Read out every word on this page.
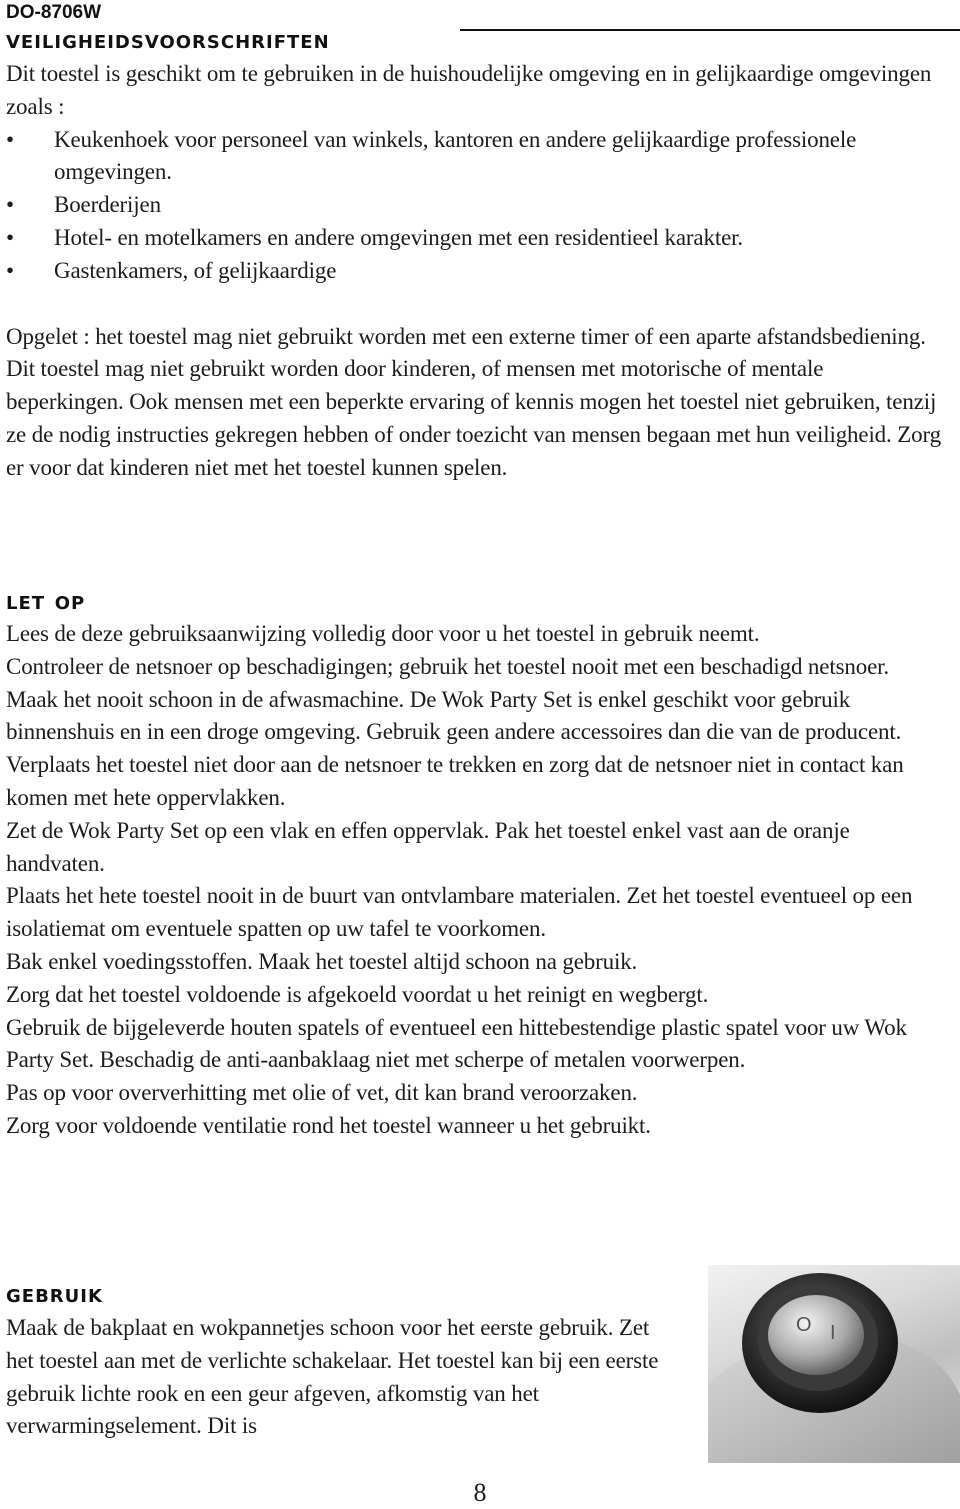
DO-8706W
veiligheidsvoorschriften

Dit toestel is geschikt om te gebruiken in de huishoudelijke omgeving en in gelijkaardige omgevingen zoals :

• Keukenhoek voor personeel van winkels, kantoren en andere gelijkaardige professionele omgevingen.
• Boerderijen
• Hotel- en motelkamers en andere omgevingen met een residentieel karakter.
• Gastenkamers, of gelijkaardige

Opgelet : het toestel mag niet gebruikt worden met een externe timer of een aparte afstandsbediening.

Dit toestel mag niet gebruikt worden door kinderen, of mensen met motorische of mentale beperkingen. Ook mensen met een beperkte ervaring of kennis mogen het toestel niet gebruiken, tenzij ze de nodig instructies gekregen hebben of onder toezicht van mensen begaan met hun veiligheid. Zorg er voor dat kinderen niet met het toestel kunnen spelen.

let op

Lees de deze gebruiksaanwijzing volledig door voor u het toestel in gebruik neemt.

Controleer de netsnoer op beschadigingen; gebruik het toestel nooit met een beschadigd netsnoer.

Maak het nooit schoon in de afwasmachine. De Wok Party Set is enkel geschikt voor gebruik binnenshuis en in een droge omgeving. Gebruik geen andere accessoires dan die van de producent.

Verplaats het toestel niet door aan de netsnoer te trekken en zorg dat de netsnoer niet in contact kan komen met hete oppervlakken.

Zet de Wok Party Set op een vlak en effen oppervlak. Pak het toestel enkel vast aan de oranje handvaten.

Plaats het hete toestel nooit in de buurt van ontvlambare materialen. Zet het toestel eventueel op een isolatiemat om eventuele spatten op uw tafel te voorkomen.

Bak enkel voedingsstoffen. Maak het toestel altijd schoon na gebruik.

Zorg dat het toestel voldoende is afgekoeld voordat u het reinigt en wegbergt.

Gebruik de bijgeleverde houten spatels of eventueel een hittebestendige plastic spatel voor uw Wok Party Set. Beschadig de anti-aanbaklaag niet met scherpe of metalen voorwerpen.

Pas op voor oververhitting met olie of vet, dit kan brand veroorzaken.

Zorg voor voldoende ventilatie rond het toestel wanneer u het gebruikt.

gebruik

Maak de bakplaat en wokpannetjes schoon voor het eerste gebruik. Zet het toestel aan met de verlichte schakelaar. Het toestel kan bij een eerste gebruik lichte rook en een geur afgeven, afkomstig van het verwarmingselement. Dit is

O I
8
